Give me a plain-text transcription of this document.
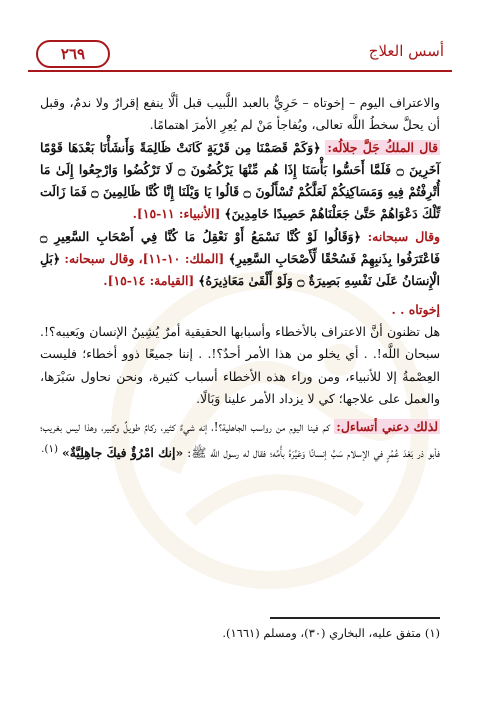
٢٦٩	أسس العلاج

والاعتراف اليوم – إخوتاه – حَرِيٌّ بالعبد اللَّبيب قبل ألَّا ينفع إقرارٌ ولا ندمٌ، وقبل أن يحلَّ سخطُ اللَّه تعالى، ويُفاجأ مَنْ لم يُعِرِ الأمرَ اهتمامًا.

قال الملكُ جَلَّ جلالُه: ﴿وَكَمْ قَصَمْنَا مِن قَرْيَةٍ كَانَتْ ظَالِمَةً وَأَنشَأْنَا بَعْدَهَا قَوْمًا آخَرِينَ ۝ فَلَمَّا أَحَسُّوا بَأْسَنَا إِذَا هُم مِّنْهَا يَرْكُضُونَ ۝ لَا تَرْكُضُوا وَارْجِعُوا إِلَىٰ مَا أُتْرِفْتُمْ فِيهِ وَمَسَاكِنِكُمْ لَعَلَّكُمْ تُسْأَلُونَ ۝ قَالُوا يَا وَيْلَنَا إِنَّا كُنَّا ظَالِمِينَ ۝ فَمَا زَالَت تِّلْكَ دَعْوَاهُمْ حَتَّىٰ جَعَلْنَاهُمْ حَصِيدًا خَامِدِينَ﴾ [الأنبياء: ١١-١٥].

وقال سبحانه: ﴿وَقَالُوا لَوْ كُنَّا نَسْمَعُ أَوْ نَعْقِلُ مَا كُنَّا فِي أَصْحَابِ السَّعِيرِ ۝ فَاعْتَرَفُوا بِذَنبِهِمْ فَسُحْقًا لِّأَصْحَابِ السَّعِيرِ﴾ [الملك: ١٠-١١]، وقال سبحانه: ﴿بَلِ الْإِنسَانُ عَلَىٰ نَفْسِهِ بَصِيرَةٌ ۝ وَلَوْ أَلْقَىٰ مَعَاذِيرَهُ﴾ [القيامة: ١٤-١٥].

إخوتاه . .

هل تظنون أنَّ الاعتراف بالأخطاء وأسبابها الحقيقية أمرٌ يُشِينُ الإنسان ويَعيبه؟!. سبحان اللَّه!. . أي يخلو من هذا الأمر أحدٌ؟!. . إننا جميعًا ذوو أخطاء؛ فليست العِصْمةُ إلا للأنبياء، ومن وراء هذه الأخطاء أسباب كثيرة، ونحن نحاول سَبْرَها، والعمل على علاجها؛ كي لا يزداد الأمر علينا وَبَالًا.

لذلك دعني أتساءل: كم فينا اليوم من رواسب الجاهلية؟!، إنه شيءٌ كثير، ركامٌ طويلٌ وكبير، وهذا ليس بغريب؛ فأبو ذر بَعْدَ عُمُرٍ في الإسلام سَبَّ إنسانًا وَعَيَّرَهُ بأُمِّه؛ فقال له رسول اللَّه ﷺ: «إنك امْرُؤٌ فيكَ جاهِلِيَّةٌ» $^{(١).}$

(١) متفق عليه، البخاري (٣٠)، ومسلم (١٦٦١).
